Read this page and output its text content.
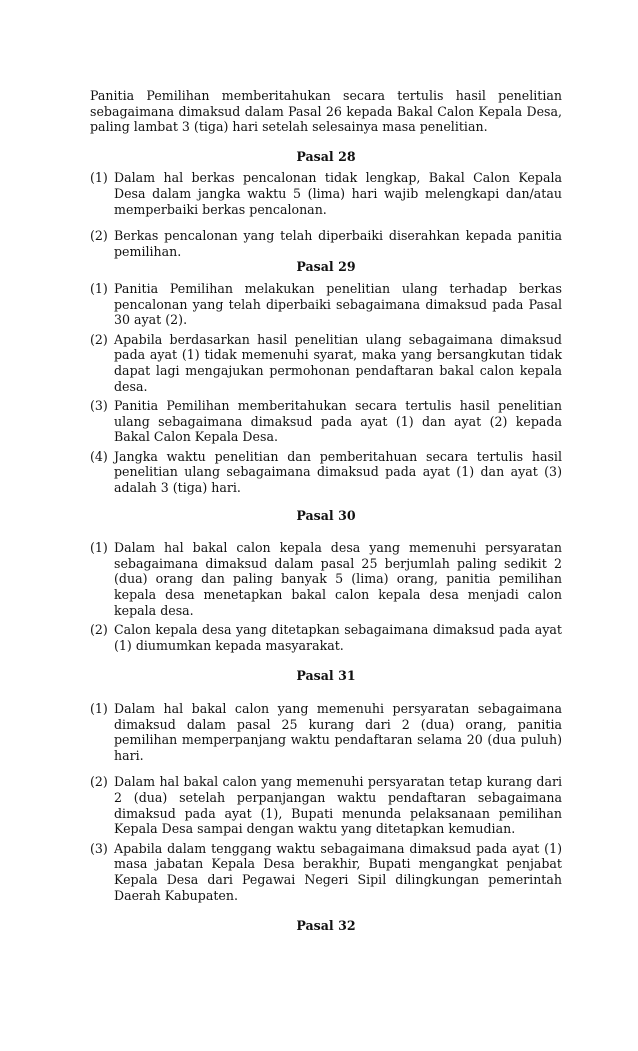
Panitia Pemilihan memberitahukan secara tertulis hasil penelitian sebagaimana dimaksud dalam Pasal 26 kepada Bakal Calon Kepala Desa, paling lambat 3 (tiga) hari setelah selesainya masa penelitian.

Pasal 28

(1) Dalam hal berkas pencalonan tidak lengkap, Bakal Calon Kepala Desa dalam jangka waktu 5 (lima) hari wajib melengkapi dan/atau memperbaiki berkas pencalonan.
(2) Berkas pencalonan yang telah diperbaiki diserahkan kepada panitia pemilihan.

Pasal 29

(1) Panitia Pemilihan melakukan penelitian ulang terhadap berkas pencalonan yang telah diperbaiki sebagaimana dimaksud pada Pasal 30 ayat (2).
(2) Apabila berdasarkan hasil penelitian ulang sebagaimana dimaksud pada ayat (1) tidak memenuhi syarat, maka yang bersangkutan tidak dapat lagi mengajukan permohonan pendaftaran bakal calon kepala desa.
(3) Panitia Pemilihan memberitahukan secara tertulis hasil penelitian ulang sebagaimana dimaksud pada ayat (1) dan ayat (2) kepada Bakal Calon Kepala Desa.
(4) Jangka waktu penelitian dan pemberitahuan secara tertulis hasil penelitian ulang sebagaimana dimaksud pada ayat (1) dan ayat (3) adalah 3 (tiga) hari.

Pasal 30

(1) Dalam hal bakal calon kepala desa yang memenuhi persyaratan sebagaimana dimaksud dalam pasal 25 berjumlah paling sedikit 2 (dua) orang dan paling banyak 5 (lima) orang, panitia pemilihan kepala desa menetapkan bakal calon kepala desa menjadi calon kepala desa.
(2) Calon kepala desa yang ditetapkan sebagaimana dimaksud pada ayat (1) diumumkan kepada masyarakat.

Pasal 31

(1) Dalam hal bakal calon yang memenuhi persyaratan sebagaimana dimaksud dalam pasal 25 kurang dari 2 (dua) orang, panitia pemilihan memperpanjang waktu pendaftaran selama 20 (dua puluh) hari.
(2) Dalam hal bakal calon yang memenuhi persyaratan tetap kurang dari 2 (dua) setelah perpanjangan waktu pendaftaran sebagaimana dimaksud pada ayat (1), Bupati menunda pelaksanaan pemilihan Kepala Desa sampai dengan waktu yang ditetapkan kemudian.
(3) Apabila dalam tenggang waktu sebagaimana dimaksud pada ayat (1) masa jabatan Kepala Desa berakhir, Bupati mengangkat penjabat Kepala Desa dari Pegawai Negeri Sipil dilingkungan pemerintah Daerah Kabupaten.

Pasal 32
